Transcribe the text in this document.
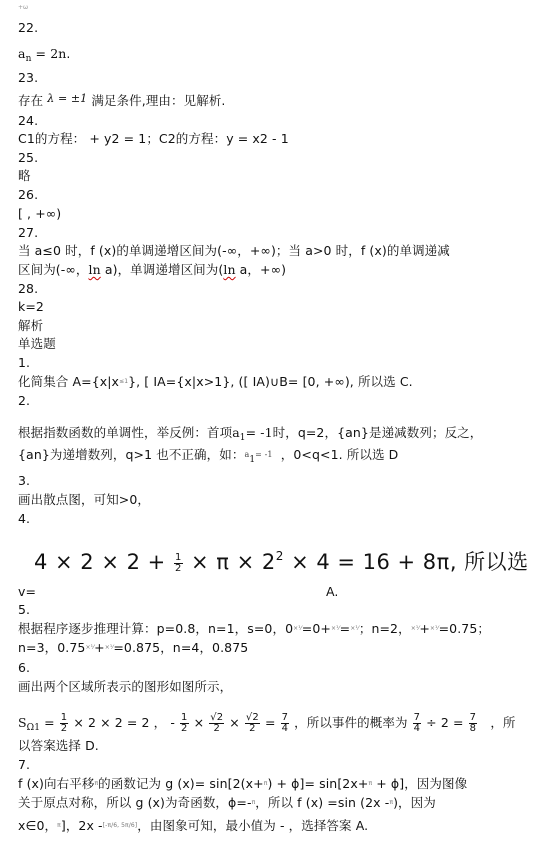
+ω
22.
$a_n = 2n$.
23.
存在 λ = ±1 满足条件,理由：见解析.
24.
C1的方程： + y2 = 1；C2的方程：y = x2 - 1
25.
略
26.
[ , +∞)
27.
当 a≤0 时，f (x)的单调递增区间为(-∞，+∞)；当 a>0 时，f (x)的单调递减
区间为(-∞，ln a)，单调递增区间为(ln a，+∞)
28.
k=2
解析
单选题
1.
化简集合 $A=\{x|x^{\le 1}\}$, [ IA={x|x>1}, ([ IA)∪B= [0, +∞), 所以选 C.
2.
根据指数函数的单调性，举反例：首项$a_1= -1$时，q=2，{an}是递减数列；反之，
{an}为递增数列，q>1 也不正确，如：$a_1= -1$ ，0<q<1. 所以选 D
3.
画出散点图，可知>0，
4.
$4 \times 2 \times 2 + \frac{1}{2} \times \pi \times 2^2 \times 4 = 16 + 8\pi$, 所以选
v=	A.
5.
根据程序逐步推理计算：p=0.8，n=1，s=0，$0^{\times ⅟}=0+^{\times ⅟}=^{\times ⅟}$；n=2，$^{\times ⅟}$+$^{\times ⅟}$=0.75；
n=3，$0.75^{\times ⅟}+^{\times ⅟}=0.875$，n=4，0.875
6.
画出两个区域所表示的图形如图所示，
$S_{\Omega 1} = \frac{1}{2} \times 2 \times 2 = 2$ ， - $\frac{1}{2} \times \frac{√2}{2} \times \frac{√2}{2} = \frac{7}{4}$ ，所以事件的概率为 $\frac{7}{4} \div 2 = \frac{7}{8}$ ，所
以答案选择 D.
7.
f (x)向右平移$^\pi$的函数记为 g (x)= sin[2(x+$^\pi$) + ϕ]= sin[2x+$^\pi$ + ϕ]，因为图像
关于原点对称，所以 g (x)为奇函数，ϕ=-$^\pi$，所以 f (x) =sin (2x -$^\pi$)，因为
x∈0，$^\pi$]，2x -[-π/6, 5π/6]，由图象可知，最小值为 - ，选择答案 A.
